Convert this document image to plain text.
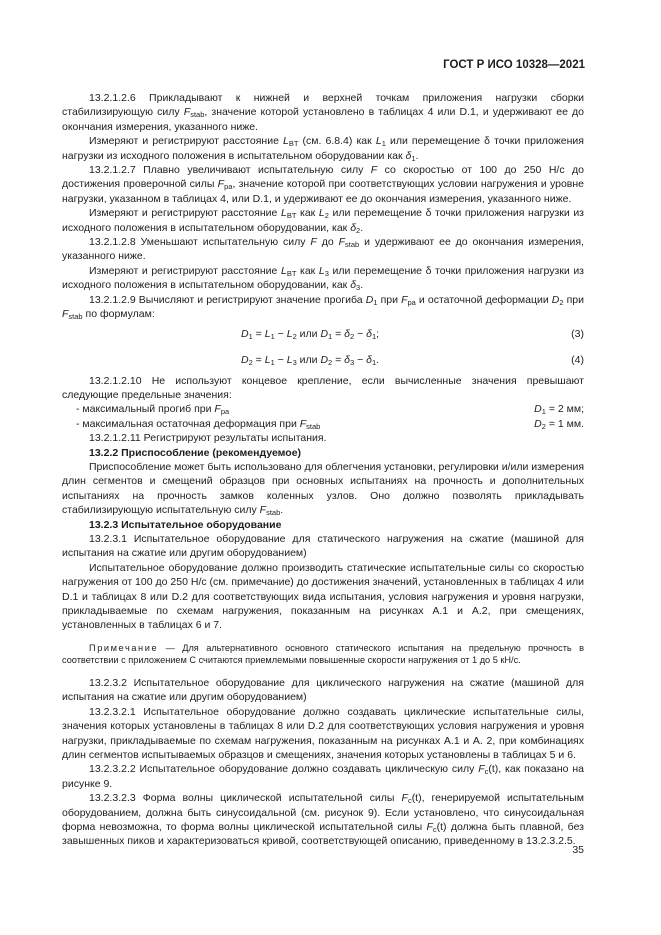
ГОСТ Р ИСО 10328—2021

13.2.1.2.6 Прикладывают к нижней и верхней точкам приложения нагрузки сборки стабилизирующую силу $F_{stab}$, значение которой установлено в таблицах 4 или D.1, и удерживают ее до окончания измерения, указанного ниже.

Измеряют и регистрируют расстояние $L_{BT}$ (см. 6.8.4) как $L_1$ или перемещение δ точки приложения нагрузки из исходного положения в испытательном оборудовании как $\delta_1$.

13.2.1.2.7 Плавно увеличивают испытательную силу F со скоростью от 100 до 250 Н/с до достижения проверочной силы $F_{pa}$, значение которой при соответствующих условии нагружения и уровне нагрузки, указанном в таблицах 4, или D.1, и удерживают ее до окончания измерения, указанного ниже.

Измеряют и регистрируют расстояние $L_{BT}$ как $L_2$ или перемещение δ точки приложения нагрузки из исходного положения в испытательном оборудовании, как $\delta_2$.

13.2.1.2.8 Уменьшают испытательную силу F до $F_{stab}$ и удерживают ее до окончания измерения, указанного ниже.

Измеряют и регистрируют расстояние $L_{BT}$ как $L_3$ или перемещение δ точки приложения нагрузки из исходного положения в испытательном оборудовании, как $\delta_3$.

13.2.1.2.9 Вычисляют и регистрируют значение прогиба $D_1$ при $F_{pa}$ и остаточной деформации $D_2$ при $F_{stab}$ по формулам:

$D_1 = L_1 - L_2$ или $D_1 = \delta_2 - \delta_1$;	(3)
$D_2 = L_1 - L_3$ или $D_2 = \delta_3 - \delta_1$.	(4)

13.2.1.2.10 Не используют концевое крепление, если вычисленные значения превышают следующие предельные значения:

- максимальный прогиб при $F_{pa}$	$D_1 = 2$ мм;
- максимальная остаточная деформация при $F_{stab}$	$D_2 = 1$ мм.

13.2.1.2.11 Регистрируют результаты испытания.

13.2.2 Приспособление (рекомендуемое)

Приспособление может быть использовано для облегчения установки, регулировки и/или измерения длин сегментов и смещений образцов при основных испытаниях на прочность и дополнительных испытаниях на прочность замков коленных узлов. Оно должно позволять прикладывать стабилизирующую испытательную силу $F_{stab}$.

13.2.3 Испытательное оборудование

13.2.3.1 Испытательное оборудование для статического нагружения на сжатие (машиной для испытания на сжатие или другим оборудованием)

Испытательное оборудование должно производить статические испытательные силы со скоростью нагружения от 100 до 250 Н/с (см. примечание) до достижения значений, установленных в таблицах 4 или D.1 и таблицах 8 или D.2 для соответствующих вида испытания, условия нагружения и уровня нагрузки, прикладываемые по схемам нагружения, показанным на рисунках А.1 и А.2, при смещениях, установленных в таблицах 6 и 7.

Примечание — Для альтернативного основного статического испытания на предельную прочность в соответствии с приложением С считаются приемлемыми повышенные скорости нагружения от 1 до 5 кН/с.

13.2.3.2 Испытательное оборудование для циклического нагружения на сжатие (машиной для испытания на сжатие или другим оборудованием)

13.2.3.2.1 Испытательное оборудование должно создавать циклические испытательные силы, значения которых установлены в таблицах 8 или D.2 для соответствующих условия нагружения и уровня нагрузки, прикладываемые по схемам нагружения, показанным на рисунках А.1 и А. 2, при комбинациях длин сегментов испытываемых образцов и смещениях, значения которых установлены в таблицах 5 и 6.

13.2.3.2.2 Испытательное оборудование должно создавать циклическую силу $F_c(t)$, как показано на рисунке 9.

13.2.3.2.3 Форма волны циклической испытательной силы $F_c(t)$, генерируемой испытательным оборудованием, должна быть синусоидальной (см. рисунок 9). Если установлено, что синусоидальная форма невозможна, то форма волны циклической испытательной силы $F_c(t)$ должна быть плавной, без завышенных пиков и характеризоваться кривой, соответствующей описанию, приведенному в 13.2.3.2.5.

35
